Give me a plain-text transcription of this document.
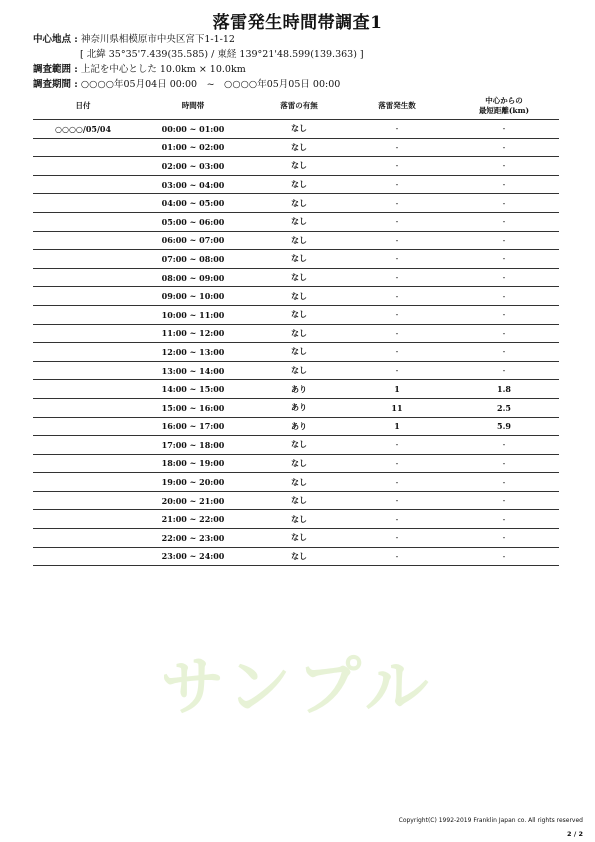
落雷発生時間帯調査1
中心地点 : 神奈川県相模原市中央区宮下1-1-12
[ 北緯 35°35'7.439(35.585) / 東経 139°21'48.599(139.363) ]
調査範囲 : 上記を中心とした 10.0km × 10.0km
調査期間 : ○○○○年05月04日 00:00　~　○○○○年05月05日 00:00
日付	時間帯	落雷の有無	落雷発生数	中心からの
最短距離(km)
○○○○/05/04	00:00 ~ 01:00	なし	-	-
	01:00 ~ 02:00	なし	-	-
	02:00 ~ 03:00	なし	-	-
	03:00 ~ 04:00	なし	-	-
	04:00 ~ 05:00	なし	-	-
	05:00 ~ 06:00	なし	-	-
	06:00 ~ 07:00	なし	-	-
	07:00 ~ 08:00	なし	-	-
	08:00 ~ 09:00	なし	-	-
	09:00 ~ 10:00	なし	-	-
	10:00 ~ 11:00	なし	-	-
	11:00 ~ 12:00	なし	-	-
	12:00 ~ 13:00	なし	-	-
	13:00 ~ 14:00	なし	-	-
	14:00 ~ 15:00	あり	1	1.8
	15:00 ~ 16:00	あり	11	2.5
	16:00 ~ 17:00	あり	1	5.9
	17:00 ~ 18:00	なし	-	-
	18:00 ~ 19:00	なし	-	-
	19:00 ~ 20:00	なし	-	-
	20:00 ~ 21:00	なし	-	-
	21:00 ~ 22:00	なし	-	-
	22:00 ~ 23:00	なし	-	-
	23:00 ~ 24:00	なし	-	-
サンプル
Copyright(C) 1992-2019 Franklin Japan co. All rights reserved
2 / 2
